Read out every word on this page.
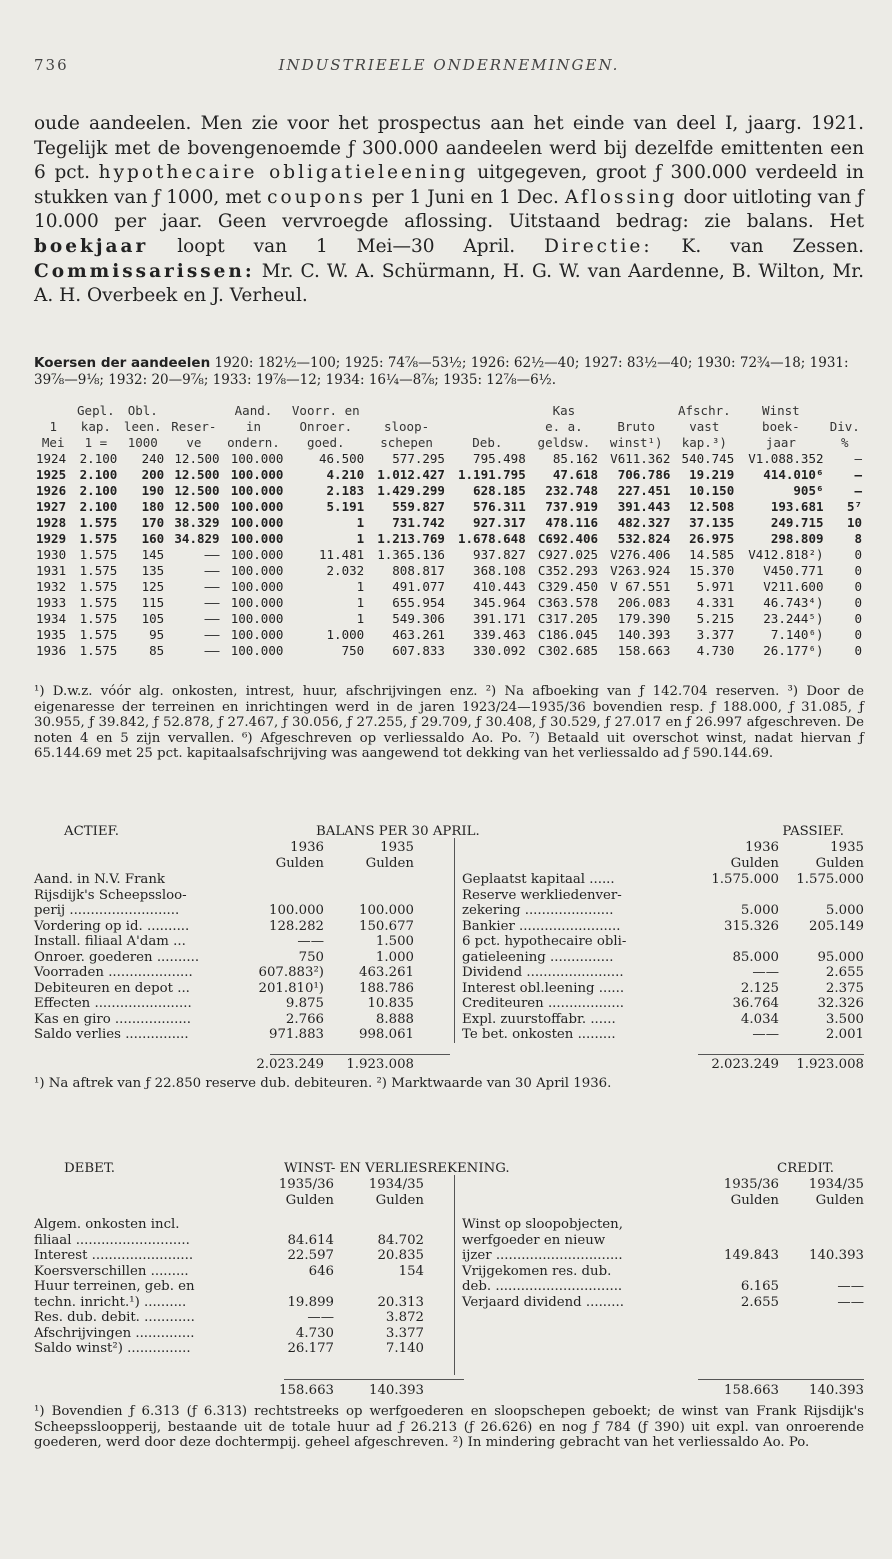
736	INDUSTRIEELE ONDERNEMINGEN.
oude aandeelen. Men zie voor het prospectus aan het einde van deel I, jaarg. 1921. Tegelijk met de bovengenoemde ƒ 300.000 aandeelen werd bij dezelfde emittenten een 6 pct. hypothecaire obligatieleening uitgegeven, groot ƒ 300.000 verdeeld in stukken van ƒ 1000, met coupons per 1 Juni en 1 Dec. Aflossing door uitloting van ƒ 10.000 per jaar. Geen vervroegde aflossing. Uitstaand bedrag: zie balans. Het boekjaar loopt van 1 Mei—30 April. Directie: K. van Zessen. Commissarissen: Mr. C. W. A. Schürmann, H. G. W. van Aardenne, B. Wilton, Mr. A. H. Overbeek en J. Verheul.
Koersen der aandeelen 1920: 182½—100; 1925: 74⅞—53½; 1926: 62½—40; 1927: 83½—40; 1930: 72¾—18; 1931: 39⅞—9⅛; 1932: 20—9⅞; 1933: 19⅞—12; 1934: 16¼—8⅞; 1935: 12⅞—6½.
	Gepl.	Obl.		Aand.	Voorr. en			Kas		Afschr.	Winst	
1	kap.	leen.	Reser-	in	Onroer.	sloop-		e. a.	Bruto	vast	boek-	Div.
Mei	1 =	1000	ve	ondern.	goed.	schepen	Deb.	geldsw.	winst¹)	kap.³)	jaar	%
1924	2.100	240	12.500	100.000	46.500	577.295	795.498	85.162	V611.362	540.745	V1.088.352	—
1925	2.100	200	12.500	100.000	4.210	1.012.427	1.191.795	47.618	706.786	19.219	414.010⁶	—
1926	2.100	190	12.500	100.000	2.183	1.429.299	628.185	232.748	227.451	10.150	905⁶	—
1927	2.100	180	12.500	100.000	5.191	559.827	576.311	737.919	391.443	12.508	193.681	5⁷
1928	1.575	170	38.329	100.000	1	731.742	927.317	478.116	482.327	37.135	249.715	10
1929	1.575	160	34.829	100.000	1	1.213.769	1.678.648	C692.406	532.824	26.975	298.809	8
1930	1.575	145	——	100.000	11.481	1.365.136	937.827	C927.025	V276.406	14.585	V412.818²)	0
1931	1.575	135	——	100.000	2.032	808.817	368.108	C352.293	V263.924	15.370	V450.771	0
1932	1.575	125	——	100.000	1	491.077	410.443	C329.450	V 67.551	5.971	V211.600	0
1933	1.575	115	——	100.000	1	655.954	345.964	C363.578	206.083	4.331	46.743⁴)	0
1934	1.575	105	——	100.000	1	549.306	391.171	C317.205	179.390	5.215	23.244⁵)	0
1935	1.575	95	——	100.000	1.000	463.261	339.463	C186.045	140.393	3.377	7.140⁶)	0
1936	1.575	85	——	100.000	750	607.833	330.092	C302.685	158.663	4.730	26.177⁶)	0
¹) D.w.z. vóór alg. onkosten, intrest, huur, afschrijvingen enz. ²) Na afboeking van ƒ 142.704 reserven. ³) Door de eigenaresse der terreinen en inrichtingen werd in de jaren 1923/24—1935/36 bovendien resp. ƒ 188.000, ƒ 31.085, ƒ 30.955, ƒ 39.842, ƒ 52.878, ƒ 27.467, ƒ 30.056, ƒ 27.255, ƒ 29.709, ƒ 30.408, ƒ 30.529, ƒ 27.017 en ƒ 26.997 afgeschreven. De noten 4 en 5 zijn vervallen. ⁶) Afgeschreven op verliessaldo Ao. Po. ⁷) Betaald uit overschot winst, nadat hiervan ƒ 65.144.69 met 25 pct. kapitaalsafschrijving was aangewend tot dekking van het verliessaldo ad ƒ 590.144.69.
ACTIEF.	BALANS PER 30 APRIL.	PASSIEF.
1936	1935	1936	1935
Gulden	Gulden	Gulden	Gulden
Aand. in N.V. Frank
Rijsdijk's Scheepssloo-
perij ..........................	100.000	100.000
Vordering op id. ..........	128.282	150.677
Install. filiaal A'dam ...	——	1.500
Onroer. goederen ..........	750	1.000
Voorraden ....................	607.883²)	463.261
Debiteuren en depot ...	201.810¹)	188.786
Effecten .......................	9.875	10.835
Kas en giro ..................	2.766	8.888
Saldo verlies ...............	971.883	998.061
Geplaatst kapitaal ......	1.575.000 1.575.000
Reserve werkliedenver-
zekering .....................	5.000	5.000
Bankier ........................	315.326 205.149
6 pct. hypothecaire obli-
gatieleening ...............	85.000	95.000
Dividend .......................	——	2.655
Interest obl.leening ......	2.125	2.375
Crediteuren ..................	36.764	32.326
Expl. zuurstoffabr. ......	4.034	3.500
Te bet. onkosten .........	——	2.001
2.023.249 1.923.008	2.023.249 1.923.008
¹) Na aftrek van ƒ 22.850 reserve dub. debiteuren. ²) Marktwaarde van 30 April 1936.
DEBET.	WINST- EN VERLIESREKENING.	CREDIT.
1935/36	1934/35	1935/36 1934/35
Gulden	Gulden	Gulden	Gulden
Algem. onkosten incl.
filiaal ...........................	84.614	84.702
Interest ........................	22.597	20.835
Koersverschillen .........	646	154
Huur terreinen, geb. en
techn. inricht.¹) ..........	19.899	20.313
Res. dub. debit. ............	——	3.872
Afschrijvingen ..............	4.730	3.377
Saldo winst²) ...............	26.177	7.140
Winst op sloopobjecten,
werfgoeder en nieuw
ijzer ..............................	149.843 140.393
Vrijgekomen res. dub.
deb. ..............................	6.165	——
Verjaard dividend .........	2.655	——
158.663	140.393	158.663 140.393
¹) Bovendien ƒ 6.313 (ƒ 6.313) rechtstreeks op werfgoederen en sloopschepen geboekt; de winst van Frank Rijsdijk's Scheepssloopperij, bestaande uit de totale huur ad ƒ 26.213 (ƒ 26.626) en nog ƒ 784 (ƒ 390) uit expl. van onroerende goederen, werd door deze dochtermpij. geheel afgeschreven. ²) In mindering gebracht van het verliessaldo Ao. Po.
